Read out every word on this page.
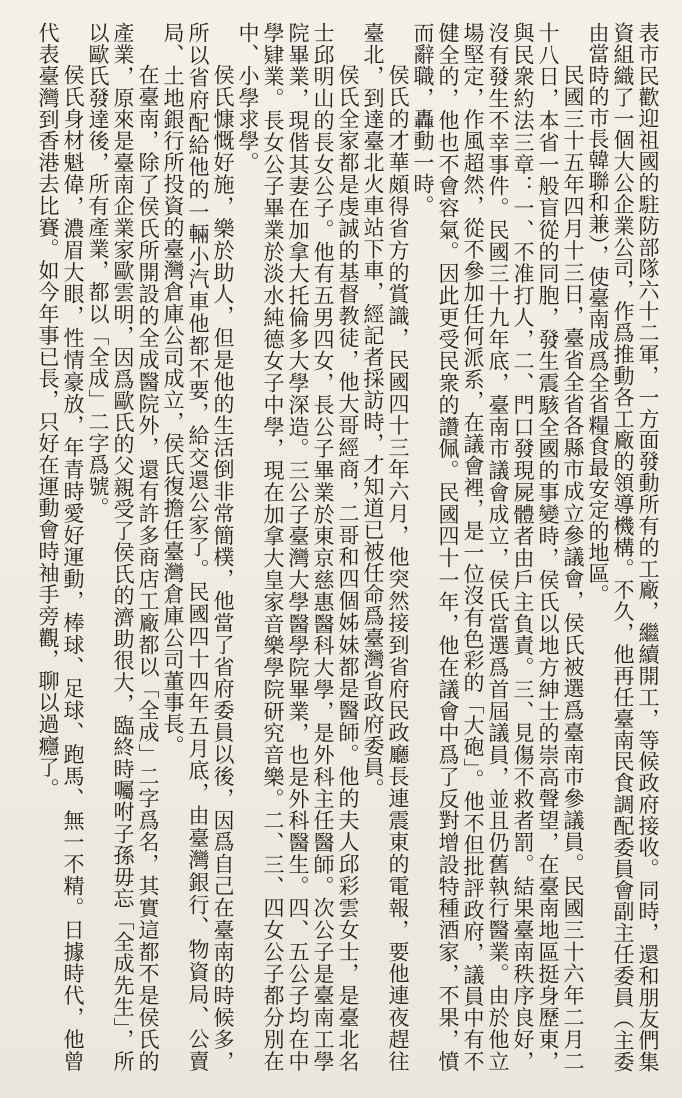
表市民歡迎祖國的駐防部隊六十二軍，一方面發動所有的工廠，繼續開工，等候政府接收。同時，還和朋友們集資組織了一個大公企業公司，作爲推動各工廠的領導機構。不久，他再任臺南民食調配委員會副主任委員（主委由當時的市長韓聯和兼），使臺南成爲全省糧食最安定的地區。

民國三十五年四月十三日，臺省全省各縣市成立參議會，侯氏被選爲臺南市參議員。民國三十六年二月二十八日，本省一般盲從的同胞，發生震駭全國的事變時，侯氏以地方紳士的崇高聲望，在臺南地區挺身歷東，與民衆約法三章：一、不准打人，二、門口發現屍體者由戶主負責。三、見傷不救者罰。結果臺南秩序良好，沒有發生不幸事件。民國三十九年底，臺南市議會成立，侯氏當選爲首屆議員，並且仍舊執行醫業。由於他立場堅定，作風超然，從不參加任何派系，在議會裡，是一位沒有色彩的「大砲」。他不但批評政府，議員中有不健全的，他也不會容氣。因此更受民衆的讚佩。民國四十一年，他在議會中爲了反對增設特種酒家，不果，憤而辭職，轟動一時。

侯氏的才華頗得省方的賞識，民國四十三年六月，他突然接到省府民政廳長連震東的電報，要他連夜趕往臺北，到達臺北火車站下車，經記者採訪時，才知道已被任命爲臺灣省政府委員。

侯氏全家都是虔誠的基督教徒，他大哥經商，二哥和四個姊妹都是醫師。他的夫人邱彩雲女士，是臺北名士邱明山的長女公子。他有五男四女，長公子畢業於東京慈惠醫科大學，是外科主任醫師。次公子是臺南工學院畢業，現偕其妻在加拿大托倫多大學深造。三公子臺灣大學醫學院畢業，也是外科醫生。四、五公子均在中學肄業。長女公子畢業於淡水純德女子中學，現在加拿大皇家音樂學院研究音樂。二、三、四女公子都分別在中、小學求學。

侯氏慷慨好施，樂於助人，但是他的生活倒非常簡樸，他當了省府委員以後，因爲自己在臺南的時候多，所以省府配給他的一輛小汽車他都不要，給交還公家了。民國四十四年五月底，由臺灣銀行、物資局、公賣局、土地銀行所投資的臺灣倉庫公司成立，侯氏復擔任臺灣倉庫公司董事長。

在臺南，除了侯氏所開設的全成醫院外，還有許多商店工廠都以「全成」二字爲名，其實這都不是侯氏的產業，原來是臺南企業家歐雲明，因爲歐氏的父親受了侯氏的濟助很大，臨終時囑咐子孫毋忘「全成先生」，所以歐氏發達後，所有產業，都以「全成」二字爲號。

侯氏身材魁偉，濃眉大眼，性情豪放，年青時愛好運動，棒球、足球、跑馬、無一不精。日據時代，他曾代表臺灣到香港去比賽。如今年事已長，只好在運動會時袖手旁觀，聊以過癮了。
